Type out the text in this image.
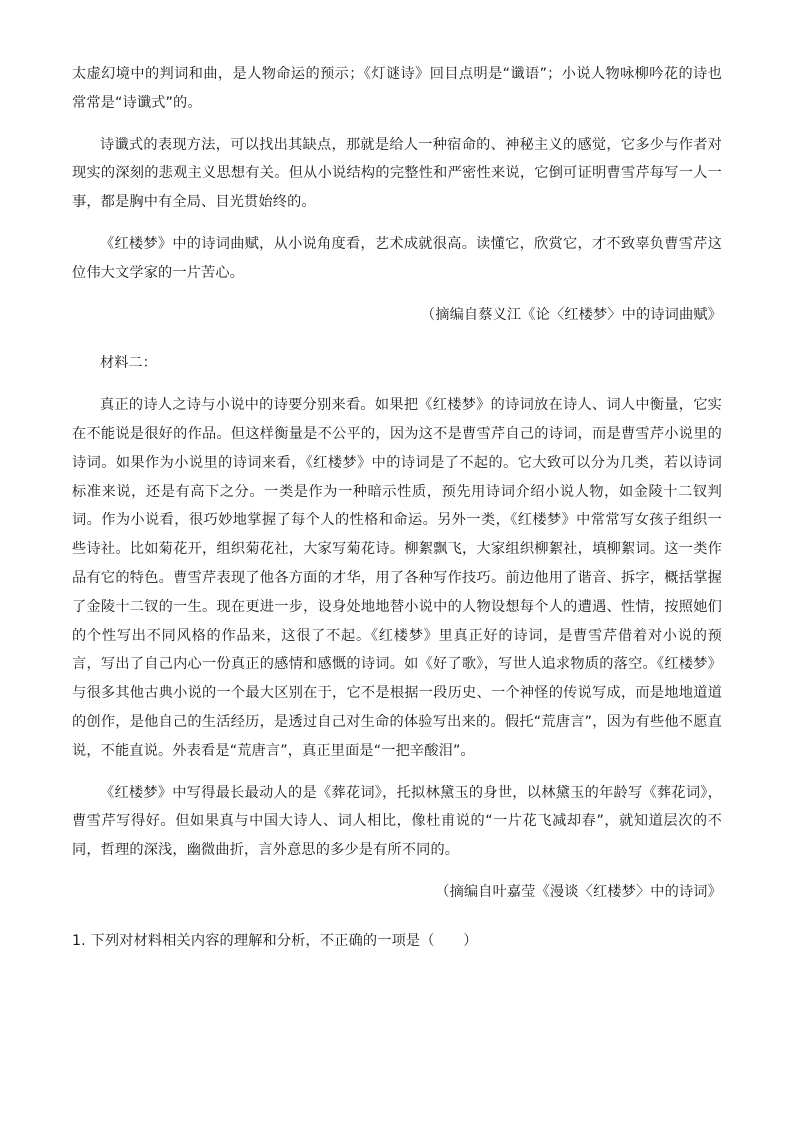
太虚幻境中的判词和曲，是人物命运的预示；《灯谜诗》回目点明是“谶语”；小说人物咏柳吟花的诗也常常是“诗谶式”的。

诗谶式的表现方法，可以找出其缺点，那就是给人一种宿命的、神秘主义的感觉，它多少与作者对现实的深刻的悲观主义思想有关。但从小说结构的完整性和严密性来说，它倒可证明曹雪芹每写一人一事，都是胸中有全局、目光贯始终的。

《红楼梦》中的诗词曲赋，从小说角度看，艺术成就很高。读懂它，欣赏它，才不致辜负曹雪芹这位伟大文学家的一片苦心。

（摘编自蔡义江《论〈红楼梦〉中的诗词曲赋》

材料二：

真正的诗人之诗与小说中的诗要分别来看。如果把《红楼梦》的诗词放在诗人、词人中衡量，它实在不能说是很好的作品。但这样衡量是不公平的，因为这不是曹雪芹自己的诗词，而是曹雪芹小说里的诗词。如果作为小说里的诗词来看，《红楼梦》中的诗词是了不起的。它大致可以分为几类，若以诗词标准来说，还是有高下之分。一类是作为一种暗示性质，预先用诗词介绍小说人物，如金陵十二钗判词。作为小说看，很巧妙地掌握了每个人的性格和命运。另外一类，《红楼梦》中常常写女孩子组织一些诗社。比如菊花开，组织菊花社，大家写菊花诗。柳絮飘飞，大家组织柳絮社，填柳絮词。这一类作品有它的特色。曹雪芹表现了他各方面的才华，用了各种写作技巧。前边他用了谐音、拆字，概括掌握了金陵十二钗的一生。现在更进一步，设身处地地替小说中的人物设想每个人的遭遇、性情，按照她们的个性写出不同风格的作品来，这很了不起。《红楼梦》里真正好的诗词，是曹雪芹借着对小说的预言，写出了自己内心一份真正的感情和感慨的诗词。如《好了歌》，写世人追求物质的落空。《红楼梦》与很多其他古典小说的一个最大区别在于，它不是根据一段历史、一个神怪的传说写成，而是地地道道的创作，是他自己的生活经历，是透过自己对生命的体验写出来的。假托“荒唐言”，因为有些他不愿直说，不能直说。外表看是“荒唐言”，真正里面是“一把辛酸泪”。

《红楼梦》中写得最长最动人的是《葬花词》，托拟林黛玉的身世，以林黛玉的年龄写《葬花词》，曹雪芹写得好。但如果真与中国大诗人、词人相比，像杜甫说的“一片花飞减却春”，就知道层次的不同，哲理的深浅，幽微曲折，言外意思的多少是有所不同的。

（摘编自叶嘉莹《漫谈〈红楼梦〉中的诗词》

1. 下列对材料相关内容的理解和分析，不正确的一项是（　　）
